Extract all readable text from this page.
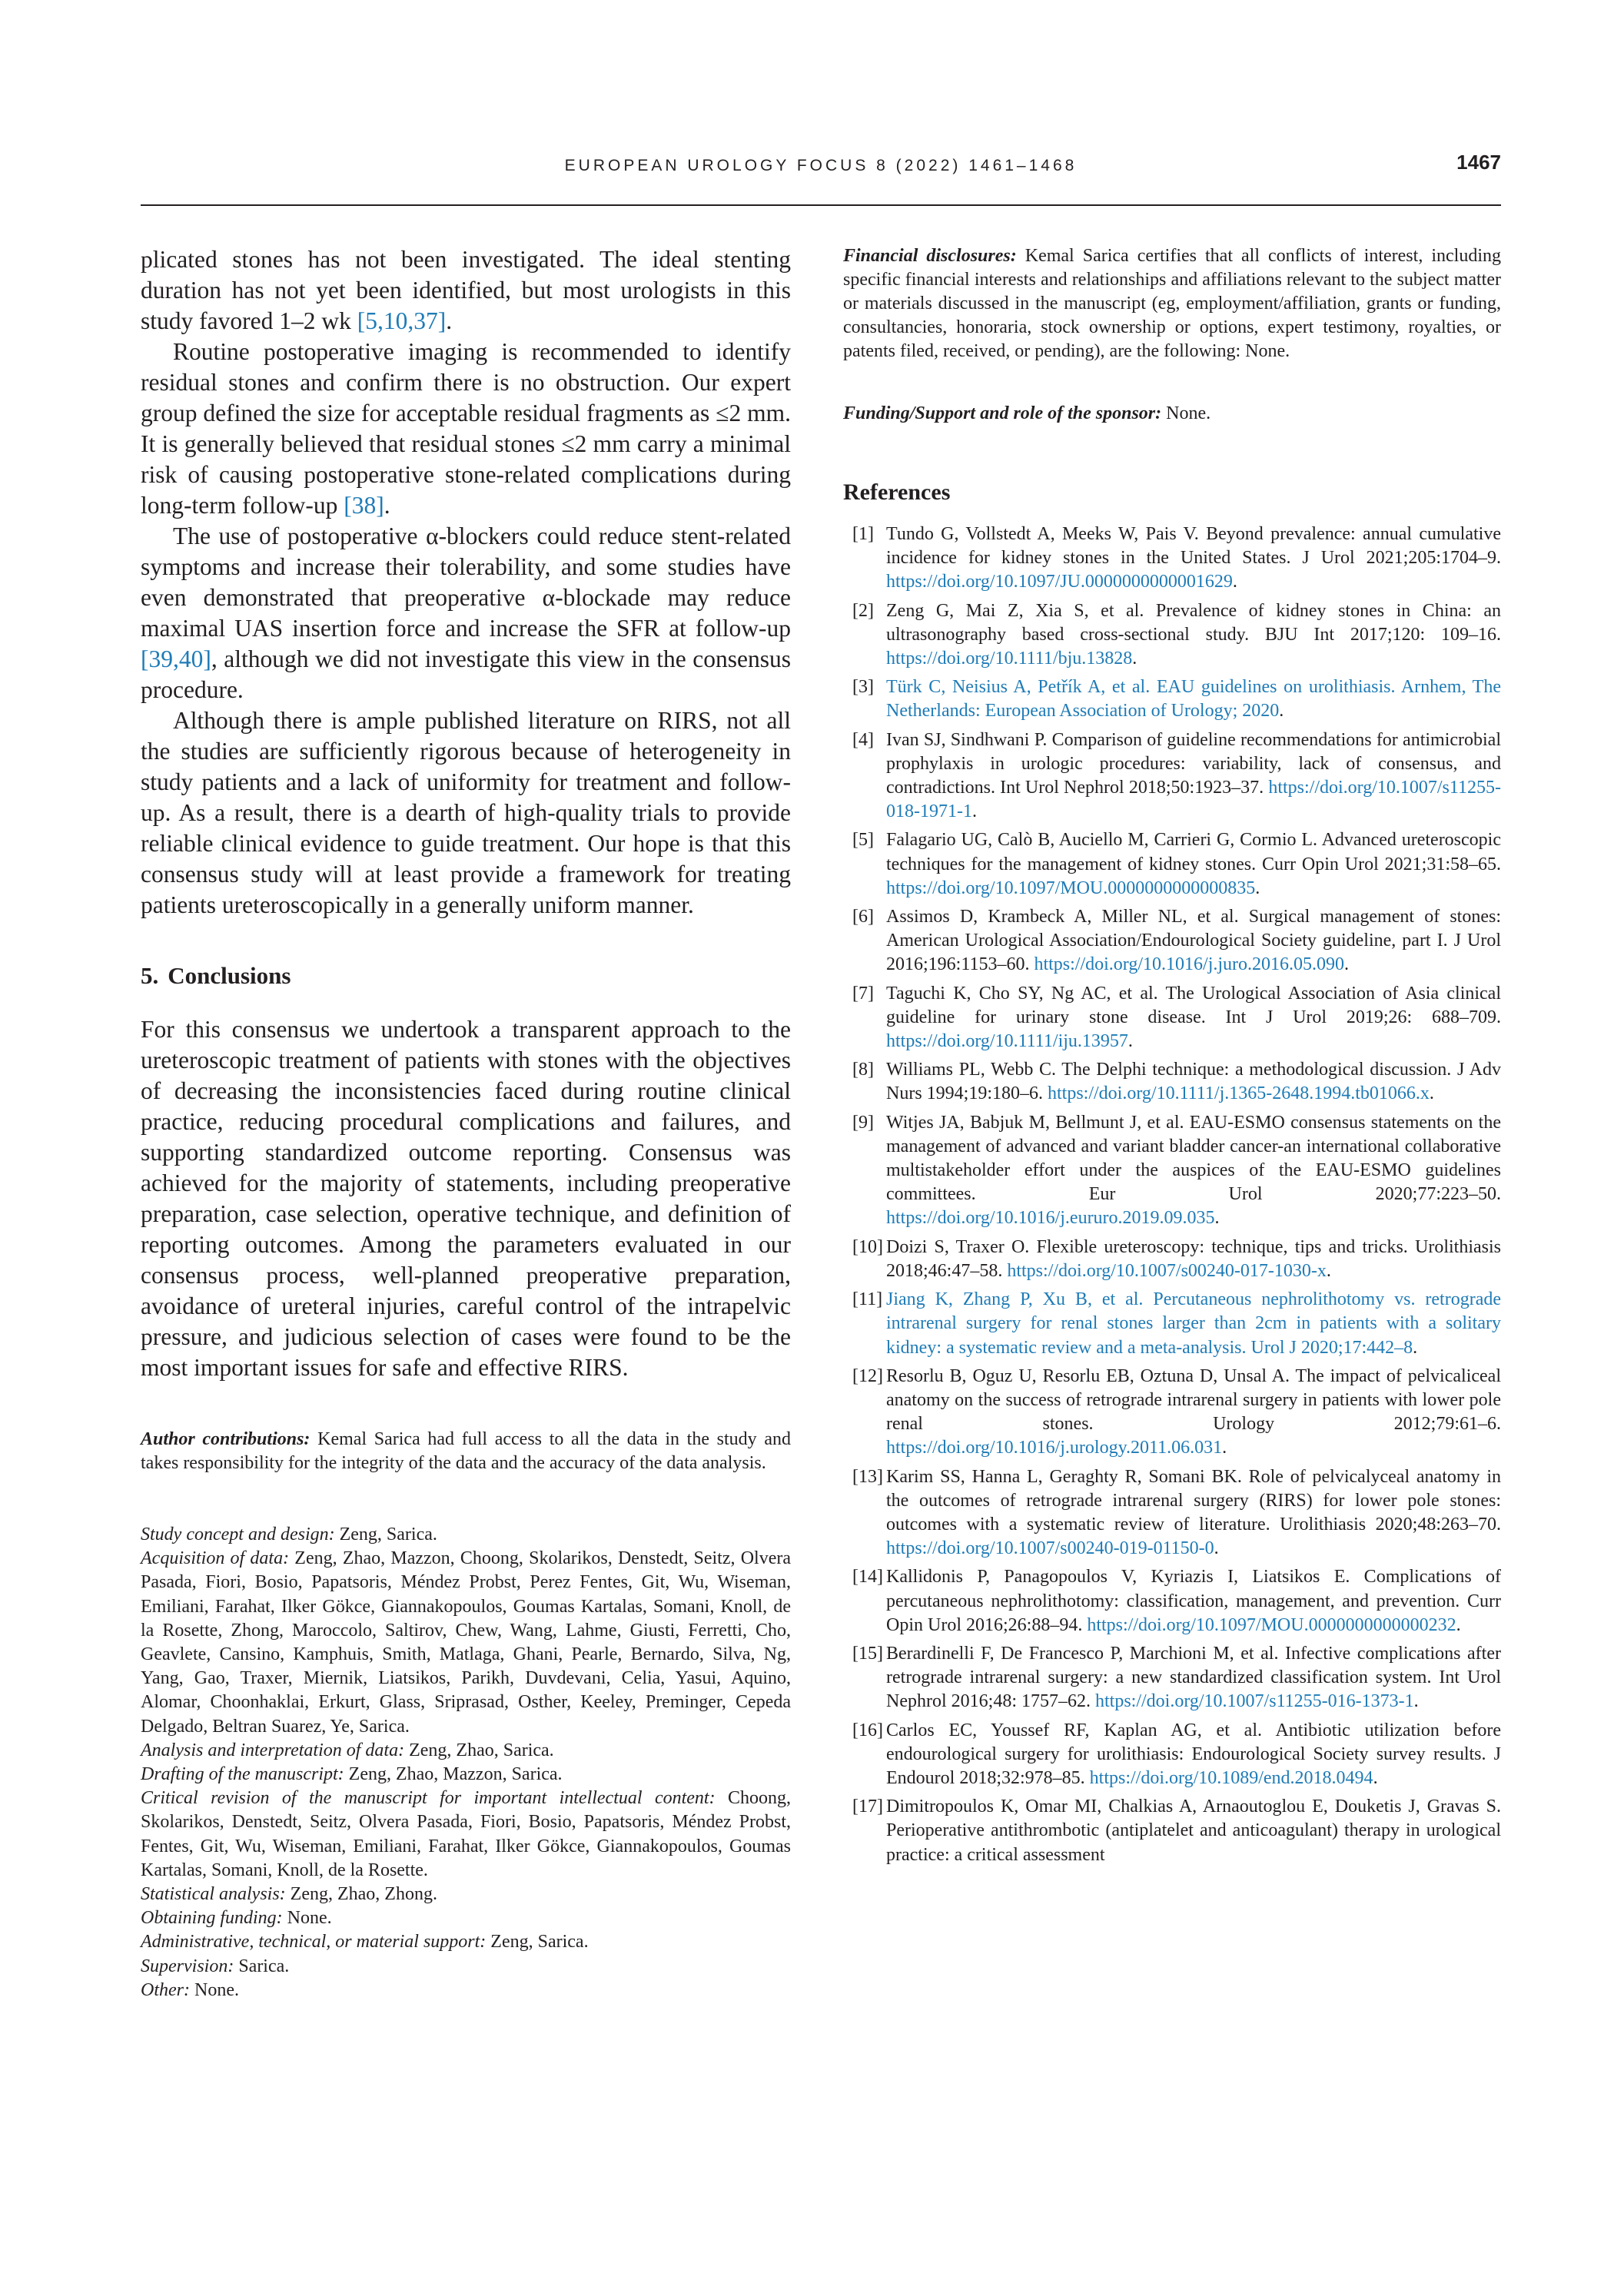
EUROPEAN UROLOGY FOCUS 8 (2022) 1461–1468	1467

plicated stones has not been investigated. The ideal stenting duration has not yet been identified, but most urologists in this study favored 1–2 wk [5,10,37].

Routine postoperative imaging is recommended to identify residual stones and confirm there is no obstruction. Our expert group defined the size for acceptable residual fragments as ≤2 mm. It is generally believed that residual stones ≤2 mm carry a minimal risk of causing postoperative stone-related complications during long-term follow-up [38].

The use of postoperative α-blockers could reduce stent-related symptoms and increase their tolerability, and some studies have even demonstrated that preoperative α-blockade may reduce maximal UAS insertion force and increase the SFR at follow-up [39,40], although we did not investigate this view in the consensus procedure.

Although there is ample published literature on RIRS, not all the studies are sufficiently rigorous because of heterogeneity in study patients and a lack of uniformity for treatment and follow-up. As a result, there is a dearth of high-quality trials to provide reliable clinical evidence to guide treatment. Our hope is that this consensus study will at least provide a framework for treating patients ureteroscopically in a generally uniform manner.

5. Conclusions

For this consensus we undertook a transparent approach to the ureteroscopic treatment of patients with stones with the objectives of decreasing the inconsistencies faced during routine clinical practice, reducing procedural complications and failures, and supporting standardized outcome reporting. Consensus was achieved for the majority of statements, including preoperative preparation, case selection, operative technique, and definition of reporting outcomes. Among the parameters evaluated in our consensus process, well-planned preoperative preparation, avoidance of ureteral injuries, careful control of the intrapelvic pressure, and judicious selection of cases were found to be the most important issues for safe and effective RIRS.

Author contributions: Kemal Sarica had full access to all the data in the study and takes responsibility for the integrity of the data and the accuracy of the data analysis.

Study concept and design: Zeng, Sarica.

Acquisition of data: Zeng, Zhao, Mazzon, Choong, Skolarikos, Denstedt, Seitz, Olvera Pasada, Fiori, Bosio, Papatsoris, Méndez Probst, Perez Fentes, Git, Wu, Wiseman, Emiliani, Farahat, Ilker Gökce, Giannakopoulos, Goumas Kartalas, Somani, Knoll, de la Rosette, Zhong, Maroccolo, Saltirov, Chew, Wang, Lahme, Giusti, Ferretti, Cho, Geavlete, Cansino, Kamphuis, Smith, Matlaga, Ghani, Pearle, Bernardo, Silva, Ng, Yang, Gao, Traxer, Miernik, Liatsikos, Parikh, Duvdevani, Celia, Yasui, Aquino, Alomar, Choonhaklai, Erkurt, Glass, Sriprasad, Osther, Keeley, Preminger, Cepeda Delgado, Beltran Suarez, Ye, Sarica.

Analysis and interpretation of data: Zeng, Zhao, Sarica.

Drafting of the manuscript: Zeng, Zhao, Mazzon, Sarica.

Critical revision of the manuscript for important intellectual content: Choong, Skolarikos, Denstedt, Seitz, Olvera Pasada, Fiori, Bosio, Papatsoris, Méndez Probst, Fentes, Git, Wu, Wiseman, Emiliani, Farahat, Ilker Gökce, Giannakopoulos, Goumas Kartalas, Somani, Knoll, de la Rosette.

Statistical analysis: Zeng, Zhao, Zhong.

Obtaining funding: None.

Administrative, technical, or material support: Zeng, Sarica.

Supervision: Sarica.

Other: None.

Financial disclosures: Kemal Sarica certifies that all conflicts of interest, including specific financial interests and relationships and affiliations relevant to the subject matter or materials discussed in the manuscript (eg, employment/affiliation, grants or funding, consultancies, honoraria, stock ownership or options, expert testimony, royalties, or patents filed, received, or pending), are the following: None.

Funding/Support and role of the sponsor: None.

References
[1] Tundo G, Vollstedt A, Meeks W, Pais V. Beyond prevalence: annual cumulative incidence for kidney stones in the United States. J Urol 2021;205:1704–9. https://doi.org/10.1097/JU.0000000000001629.
[2] Zeng G, Mai Z, Xia S, et al. Prevalence of kidney stones in China: an ultrasonography based cross-sectional study. BJU Int 2017;120: 109–16. https://doi.org/10.1111/bju.13828.
[3] Türk C, Neisius A, Petřík A, et al. EAU guidelines on urolithiasis. Arnhem, The Netherlands: European Association of Urology; 2020.
[4] Ivan SJ, Sindhwani P. Comparison of guideline recommendations for antimicrobial prophylaxis in urologic procedures: variability, lack of consensus, and contradictions. Int Urol Nephrol 2018;50:1923–37. https://doi.org/10.1007/s11255-018-1971-1.
[5] Falagario UG, Calò B, Auciello M, Carrieri G, Cormio L. Advanced ureteroscopic techniques for the management of kidney stones. Curr Opin Urol 2021;31:58–65. https://doi.org/10.1097/MOU.0000000000000835.
[6] Assimos D, Krambeck A, Miller NL, et al. Surgical management of stones: American Urological Association/Endourological Society guideline, part I. J Urol 2016;196:1153–60. https://doi.org/10.1016/j.juro.2016.05.090.
[7] Taguchi K, Cho SY, Ng AC, et al. The Urological Association of Asia clinical guideline for urinary stone disease. Int J Urol 2019;26: 688–709. https://doi.org/10.1111/iju.13957.
[8] Williams PL, Webb C. The Delphi technique: a methodological discussion. J Adv Nurs 1994;19:180–6. https://doi.org/10.1111/j.1365-2648.1994.tb01066.x.
[9] Witjes JA, Babjuk M, Bellmunt J, et al. EAU-ESMO consensus statements on the management of advanced and variant bladder cancer-an international collaborative multistakeholder effort under the auspices of the EAU-ESMO guidelines committees. Eur Urol 2020;77:223–50. https://doi.org/10.1016/j.eururo.2019.09.035.
[10] Doizi S, Traxer O. Flexible ureteroscopy: technique, tips and tricks. Urolithiasis 2018;46:47–58. https://doi.org/10.1007/s00240-017-1030-x.
[11] Jiang K, Zhang P, Xu B, et al. Percutaneous nephrolithotomy vs. retrograde intrarenal surgery for renal stones larger than 2cm in patients with a solitary kidney: a systematic review and a meta-analysis. Urol J 2020;17:442–8.
[12] Resorlu B, Oguz U, Resorlu EB, Oztuna D, Unsal A. The impact of pelvicaliceal anatomy on the success of retrograde intrarenal surgery in patients with lower pole renal stones. Urology 2012;79:61–6. https://doi.org/10.1016/j.urology.2011.06.031.
[13] Karim SS, Hanna L, Geraghty R, Somani BK. Role of pelvicalyceal anatomy in the outcomes of retrograde intrarenal surgery (RIRS) for lower pole stones: outcomes with a systematic review of literature. Urolithiasis 2020;48:263–70. https://doi.org/10.1007/s00240-019-01150-0.
[14] Kallidonis P, Panagopoulos V, Kyriazis I, Liatsikos E. Complications of percutaneous nephrolithotomy: classification, management, and prevention. Curr Opin Urol 2016;26:88–94. https://doi.org/10.1097/MOU.0000000000000232.
[15] Berardinelli F, De Francesco P, Marchioni M, et al. Infective complications after retrograde intrarenal surgery: a new standardized classification system. Int Urol Nephrol 2016;48: 1757–62. https://doi.org/10.1007/s11255-016-1373-1.
[16] Carlos EC, Youssef RF, Kaplan AG, et al. Antibiotic utilization before endourological surgery for urolithiasis: Endourological Society survey results. J Endourol 2018;32:978–85. https://doi.org/10.1089/end.2018.0494.
[17] Dimitropoulos K, Omar MI, Chalkias A, Arnaoutoglou E, Douketis J, Gravas S. Perioperative antithrombotic (antiplatelet and anticoagulant) therapy in urological practice: a critical assessment
